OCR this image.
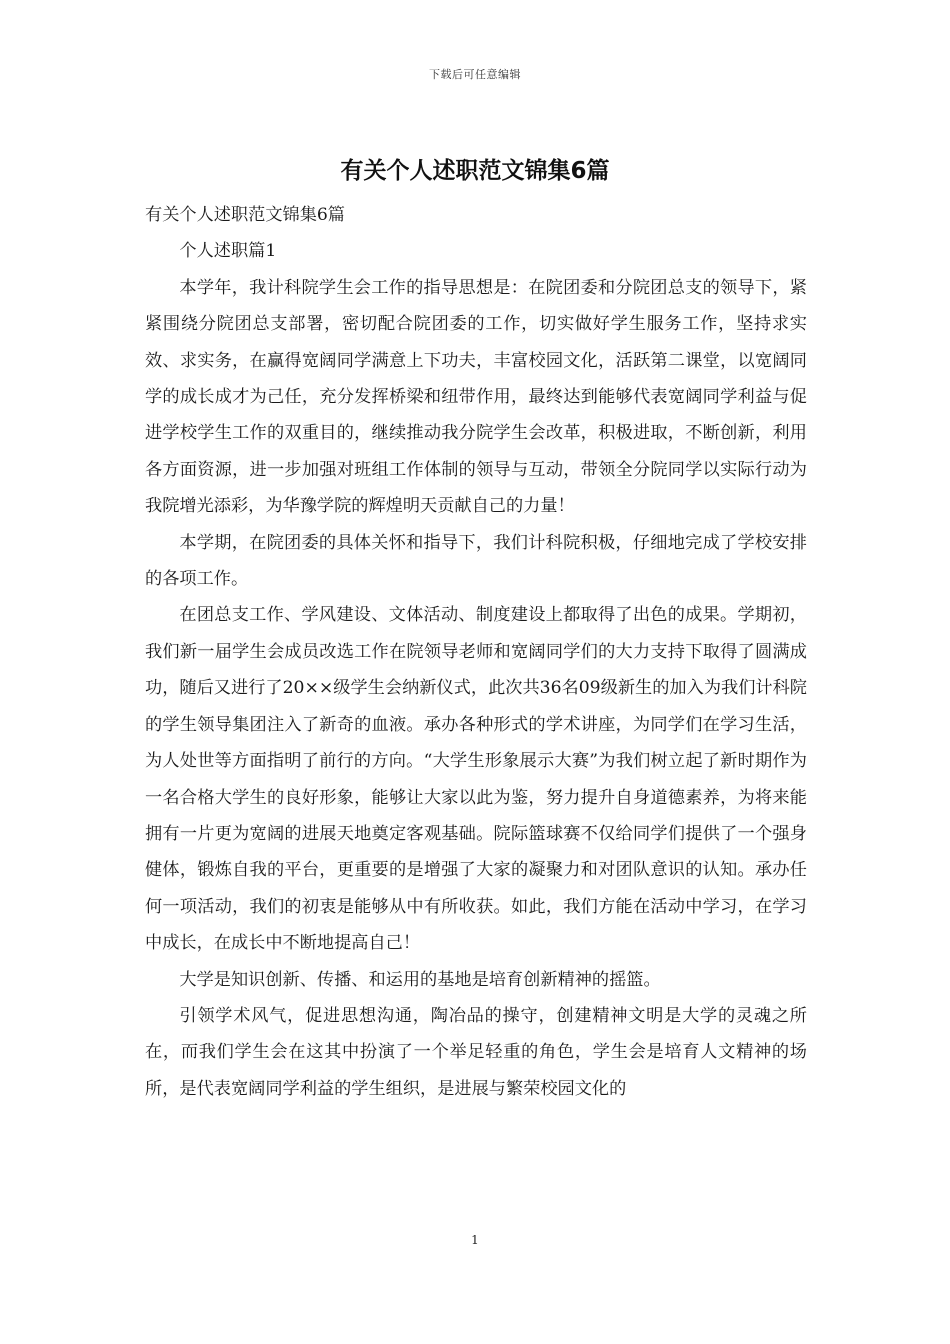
下载后可任意编辑
有关个人述职范文锦集6篇

有关个人述职范文锦集6篇

个人述职篇1

本学年，我计科院学生会工作的指导思想是：在院团委和分院团总支的领导下，紧紧围绕分院团总支部署，密切配合院团委的工作，切实做好学生服务工作，坚持求实效、求实务，在赢得宽阔同学满意上下功夫，丰富校园文化，活跃第二课堂，以宽阔同学的成长成才为己任，充分发挥桥梁和纽带作用，最终达到能够代表宽阔同学利益与促进学校学生工作的双重目的，继续推动我分院学生会改革，积极进取，不断创新，利用各方面资源，进一步加强对班组工作体制的领导与互动，带领全分院同学以实际行动为我院增光添彩，为华豫学院的辉煌明天贡献自己的力量！

本学期，在院团委的具体关怀和指导下，我们计科院积极，仔细地完成了学校安排的各项工作。

在团总支工作、学风建设、文体活动、制度建设上都取得了出色的成果。学期初，我们新一届学生会成员改选工作在院领导老师和宽阔同学们的大力支持下取得了圆满成功，随后又进行了20××级学生会纳新仪式，此次共36名09级新生的加入为我们计科院的学生领导集团注入了新奇的血液。承办各种形式的学术讲座，为同学们在学习生活，为人处世等方面指明了前行的方向。“大学生形象展示大赛”为我们树立起了新时期作为一名合格大学生的良好形象，能够让大家以此为鉴，努力提升自身道德素养，为将来能拥有一片更为宽阔的进展天地奠定客观基础。院际篮球赛不仅给同学们提供了一个强身健体，锻炼自我的平台，更重要的是增强了大家的凝聚力和对团队意识的认知。承办任何一项活动，我们的初衷是能够从中有所收获。如此，我们方能在活动中学习，在学习中成长，在成长中不断地提高自己！

大学是知识创新、传播、和运用的基地是培育创新精神的摇篮。

引领学术风气，促进思想沟通，陶冶品的操守，创建精神文明是大学的灵魂之所在，而我们学生会在这其中扮演了一个举足轻重的角色，学生会是培育人文精神的场所，是代表宽阔同学利益的学生组织，是进展与繁荣校园文化的

1
